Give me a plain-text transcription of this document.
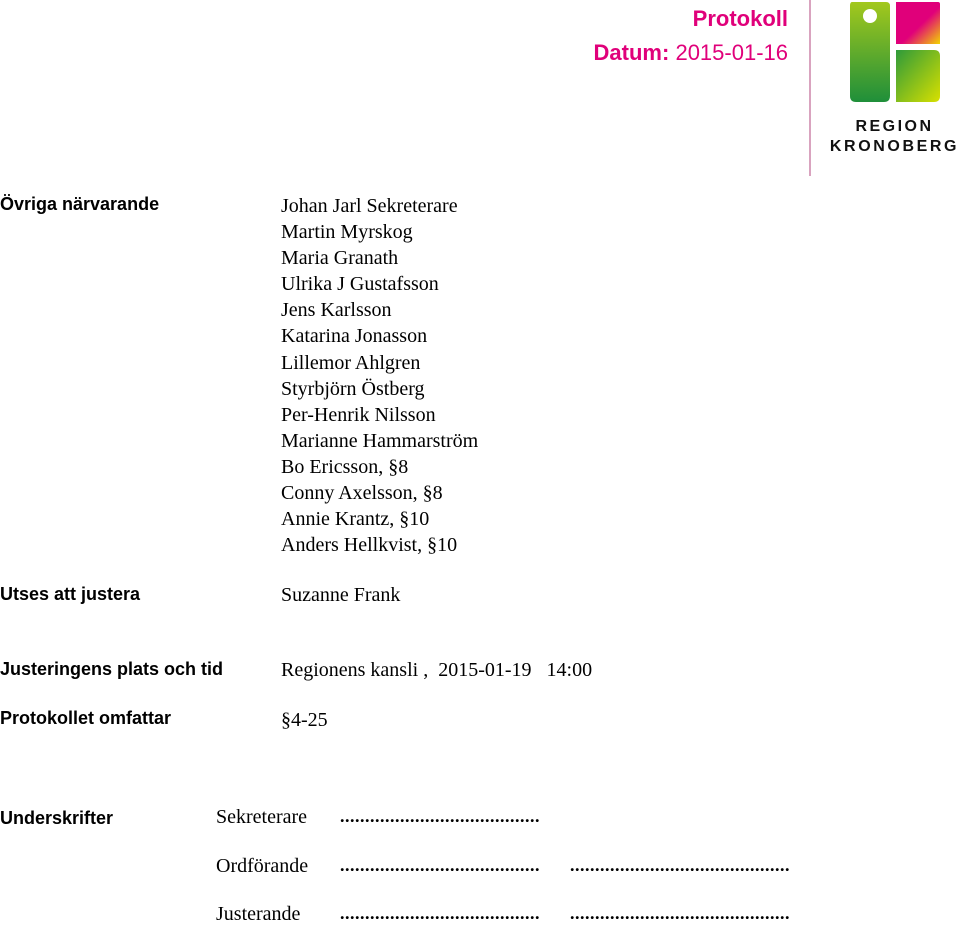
Protokoll
Datum: 2015-01-16
REGION
KRONOBERG
Övriga närvarande	Johan Jarl Sekreterare
Martin Myrskog
Maria Granath
Ulrika J Gustafsson
Jens Karlsson
Katarina Jonasson
Lillemor Ahlgren
Styrbjörn Östberg
Per-Henrik Nilsson
Marianne Hammarström
Bo Ericsson, §8
Conny Axelsson, §8
Annie Krantz, §10
Anders Hellkvist, §10
Utses att justera	Suzanne Frank
Justeringens plats och tid	Regionens kansli ,  2015-01-19   14:00
Protokollet omfattar	§4-25
Underskrifter	Sekreterare ........................................
Ordförande ........................................ ............................................
Justerande ........................................ ............................................
